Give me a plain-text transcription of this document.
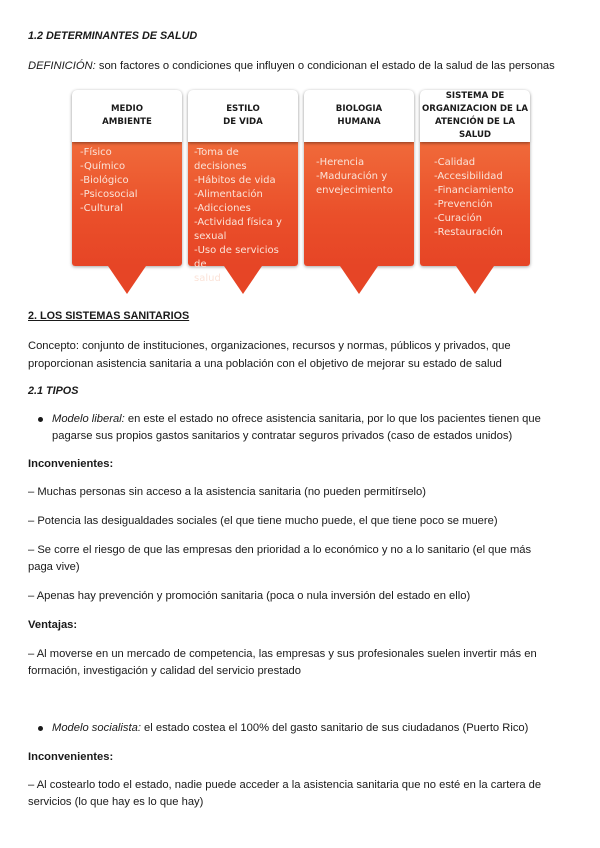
1.2 DETERMINANTES DE SALUD
DEFINICIÓN: son factores o condiciones que influyen o condicionan el estado de la salud de las personas
MEDIO
AMBIENTE
-Físico
-Químico
-Biológico
-Psicosocial
-Cultural
ESTILO
DE VIDA
-Toma de decisiones
-Hábitos de vida
-Alimentación
-Adicciones
-Actividad física y
sexual
-Uso de servicios de
salud
BIOLOGIA
HUMANA
-Herencia
-Maduración y
envejecimiento
SISTEMA DE
ORGANIZACION DE LA
ATENCIÓN DE LA SALUD
-Calidad
-Accesibilidad
-Financiamiento
-Prevención
-Curación
-Restauración
2. LOS SISTEMAS SANITARIOS
Concepto: conjunto de instituciones, organizaciones, recursos y normas, públicos y privados, que proporcionan asistencia sanitaria a una población con el objetivo de mejorar su estado de salud
2.1 TIPOS
Modelo liberal: en este el estado no ofrece asistencia sanitaria, por lo que los pacientes tienen que pagarse sus propios gastos sanitarios y contratar seguros privados (caso de estados unidos)
Inconvenientes:
– Muchas personas sin acceso a la asistencia sanitaria (no pueden permitírselo)
– Potencia las desigualdades sociales (el que tiene mucho puede, el que tiene poco se muere)
– Se corre el riesgo de que las empresas den prioridad a lo económico y no a lo sanitario (el que más paga vive)
– Apenas hay prevención y promoción sanitaria (poca o nula inversión del estado en ello)
Ventajas:
– Al moverse en un mercado de competencia, las empresas y sus profesionales suelen invertir más en formación, investigación y calidad del servicio prestado
Modelo socialista: el estado costea el 100% del gasto sanitario de sus ciudadanos (Puerto Rico)
Inconvenientes:
– Al costearlo todo el estado, nadie puede acceder a la asistencia sanitaria que no esté en la cartera de servicios (lo que hay es lo que hay)
